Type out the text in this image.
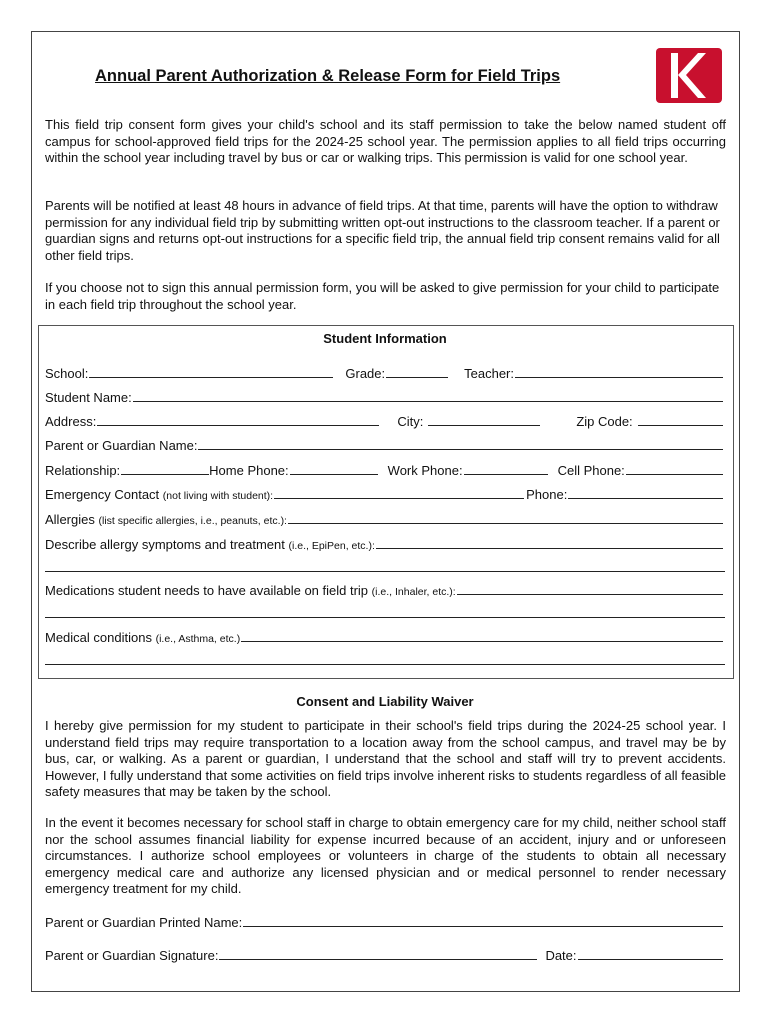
Annual Parent Authorization & Release Form for Field Trips
This field trip consent form gives your child's school and its staff permission to take the below named student off campus for school-approved field trips for the 2024-25 school year. The permission applies to all field trips occurring within the school year including travel by bus or car or walking trips. This permission is valid for one school year.
Parents will be notified at least 48 hours in advance of field trips. At that time, parents will have the option to withdraw permission for any individual field trip by submitting written opt-out instructions to the classroom teacher. If a parent or guardian signs and returns opt-out instructions for a specific field trip, the annual field trip consent remains valid for all other field trips.
If you choose not to sign this annual permission form, you will be asked to give permission for your child to participate in each field trip throughout the school year.
Student Information
School:	Grade:	Teacher:
Student Name:
Address:	City:	Zip Code:
Parent or Guardian Name:
Relationship:	Home Phone:	Work Phone:	Cell Phone:
Emergency Contact (not living with student):	Phone:
Allergies (list specific allergies, i.e., peanuts, etc.):
Describe allergy symptoms and treatment (i.e., EpiPen, etc.):
Medications student needs to have available on field trip (i.e., Inhaler, etc.):
Medical conditions (i.e., Asthma, etc.)
Consent and Liability Waiver
I hereby give permission for my student to participate in their school's field trips during the 2024-25 school year. I understand field trips may require transportation to a location away from the school campus, and travel may be by bus, car, or walking. As a parent or guardian, I understand that the school and staff will try to prevent accidents. However, I fully understand that some activities on field trips involve inherent risks to students regardless of all feasible safety measures that may be taken by the school.
In the event it becomes necessary for school staff in charge to obtain emergency care for my child, neither school staff nor the school assumes financial liability for expense incurred because of an accident, injury and or unforeseen circumstances. I authorize school employees or volunteers in charge of the students to obtain all necessary emergency medical care and authorize any licensed physician and or medical personnel to render necessary emergency treatment for my child.
Parent or Guardian Printed Name:
Parent or Guardian Signature:	Date:
